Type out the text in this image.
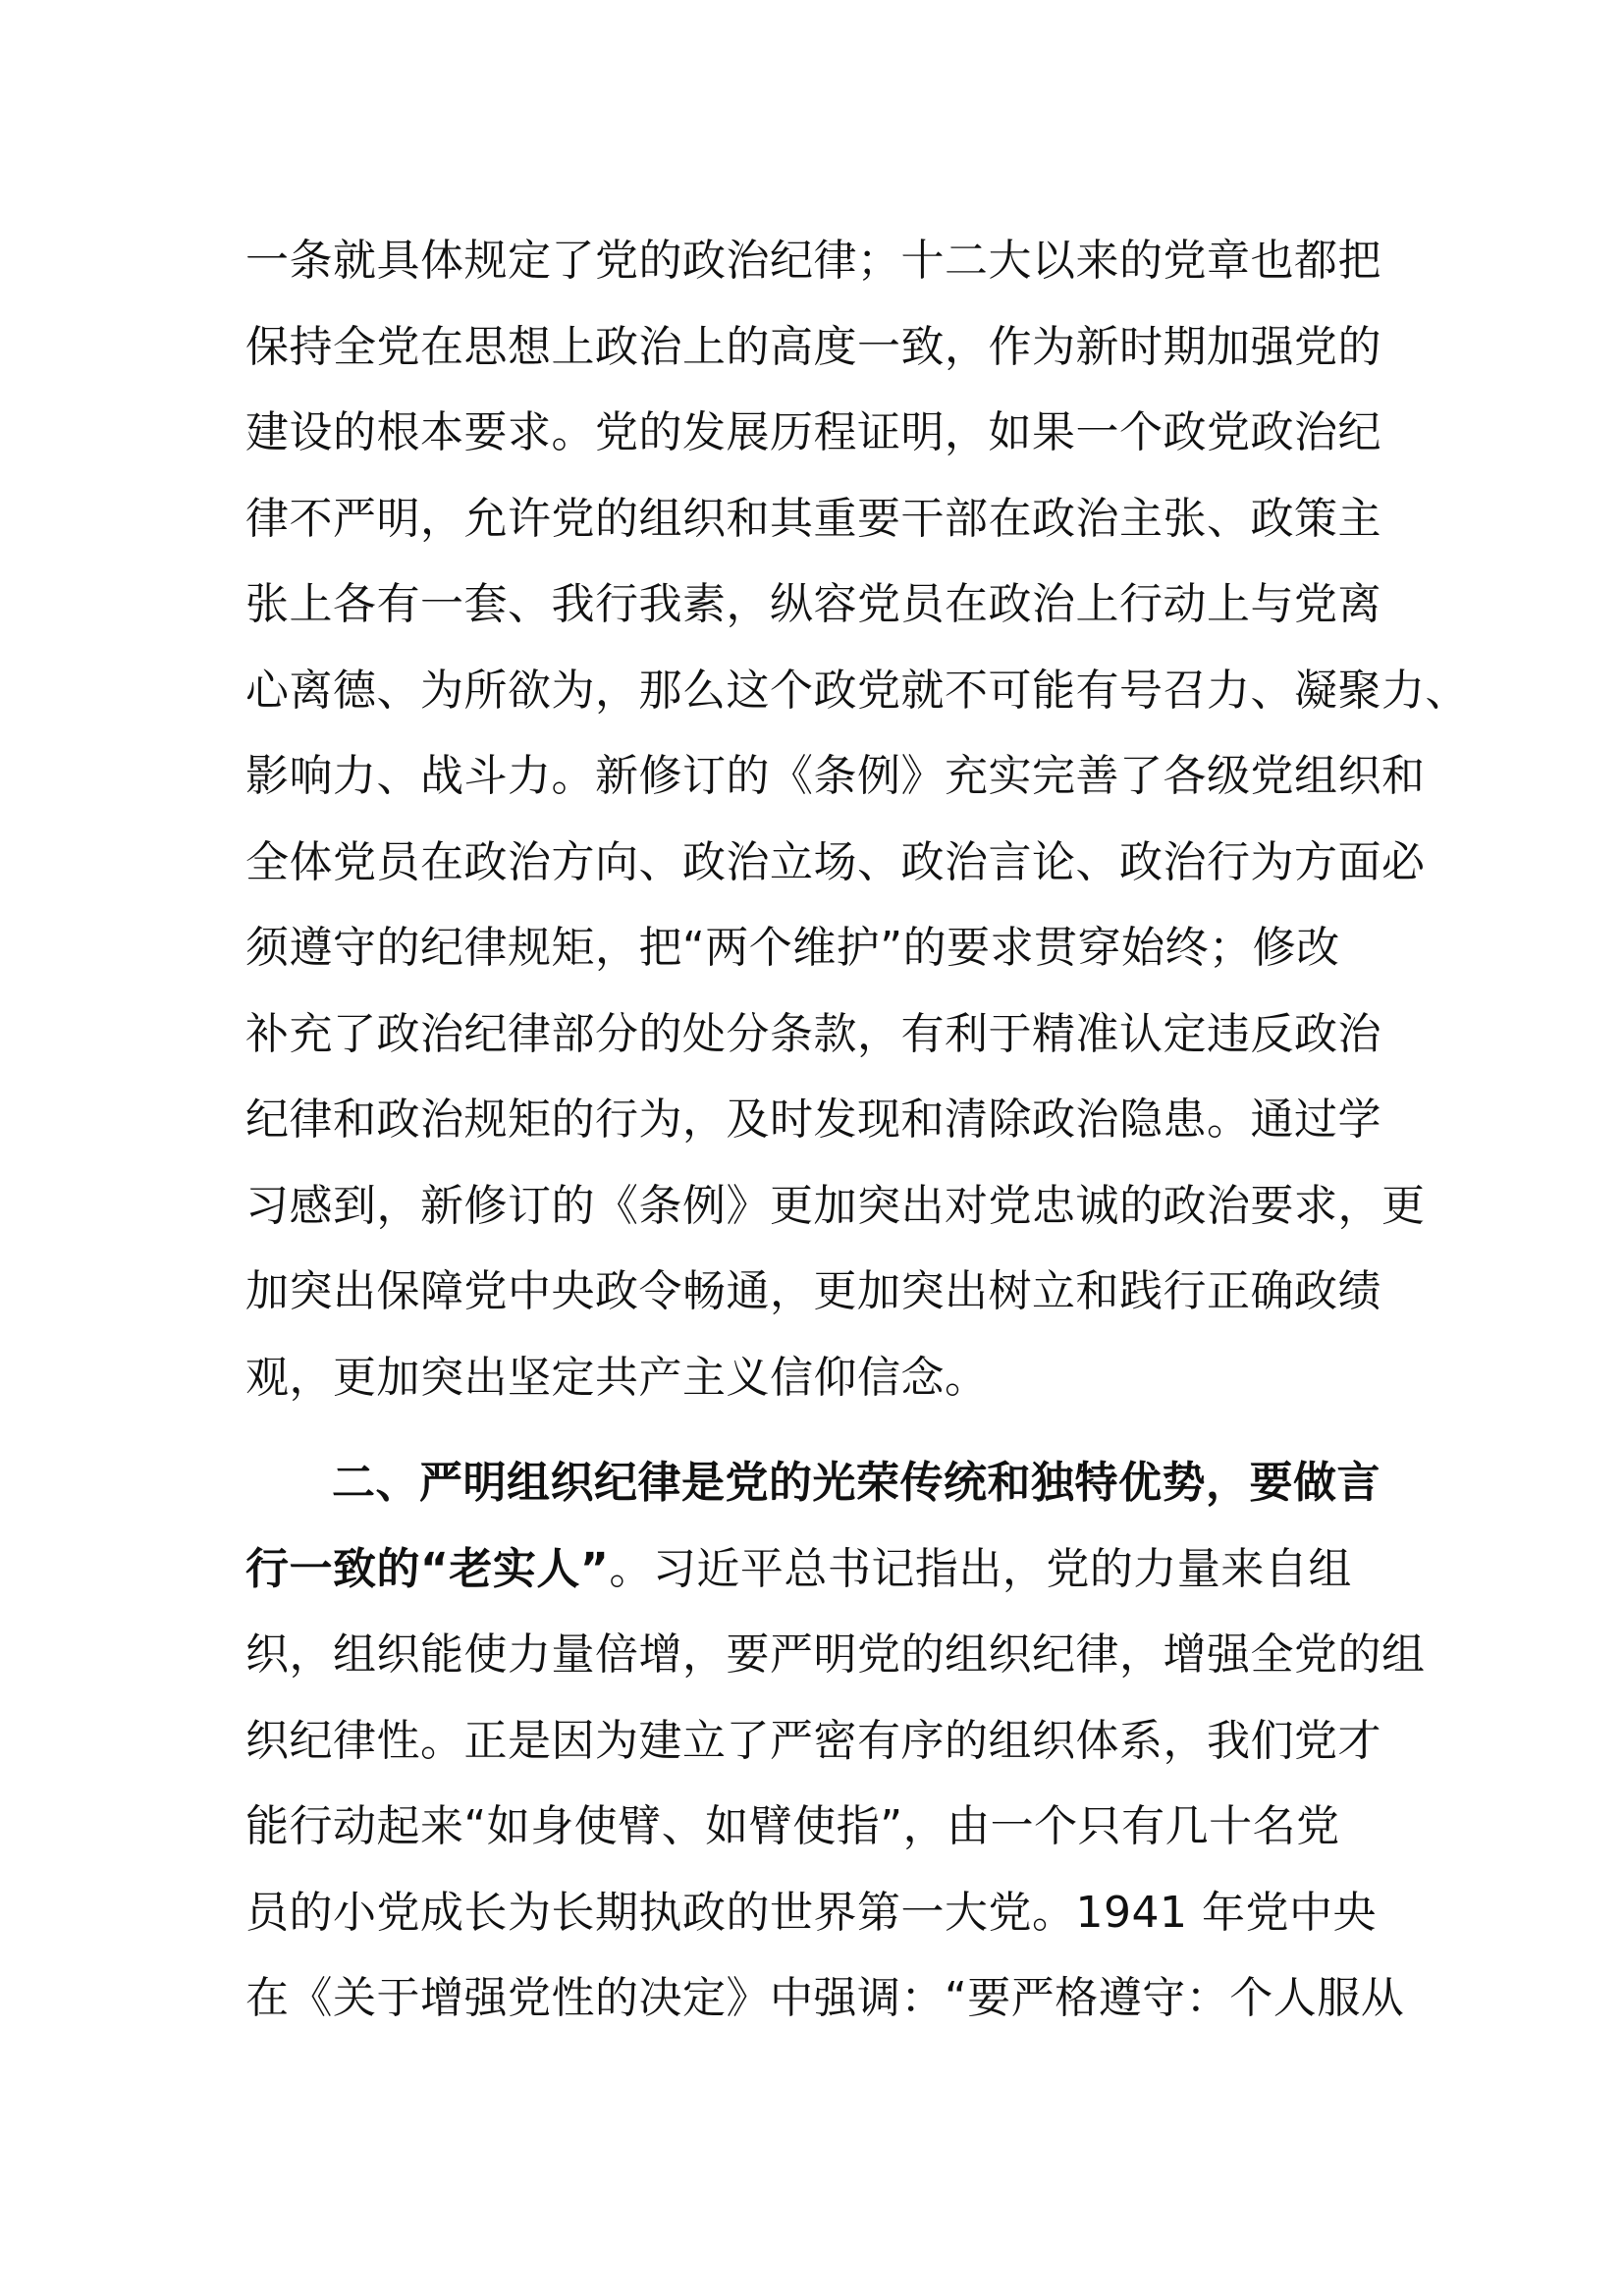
一条就具体规定了党的政治纪律；十二大以来的党章也都把
保持全党在思想上政治上的高度一致，作为新时期加强党的
建设的根本要求。党的发展历程证明，如果一个政党政治纪
律不严明，允许党的组织和其重要干部在政治主张、政策主
张上各有一套、我行我素，纵容党员在政治上行动上与党离
心离德、为所欲为，那么这个政党就不可能有号召力、凝聚力、
影响力、战斗力。新修订的《条例》充实完善了各级党组织和
全体党员在政治方向、政治立场、政治言论、政治行为方面必
须遵守的纪律规矩，把“两个维护”的要求贯穿始终；修改
补充了政治纪律部分的处分条款，有利于精准认定违反政治
纪律和政治规矩的行为，及时发现和清除政治隐患。通过学
习感到，新修订的《条例》更加突出对党忠诚的政治要求，更
加突出保障党中央政令畅通，更加突出树立和践行正确政绩
观，更加突出坚定共产主义信仰信念。
二、严明组织纪律是党的光荣传统和独特优势，要做言
行一致的“老实人”。习近平总书记指出，党的力量来自组
织，组织能使力量倍增，要严明党的组织纪律，增强全党的组
织纪律性。正是因为建立了严密有序的组织体系，我们党才
能行动起来“如身使臂、如臂使指”，由一个只有几十名党
员的小党成长为长期执政的世界第一大党。1941 年党中央
在《关于增强党性的决定》中强调：“要严格遵守：个人服从
